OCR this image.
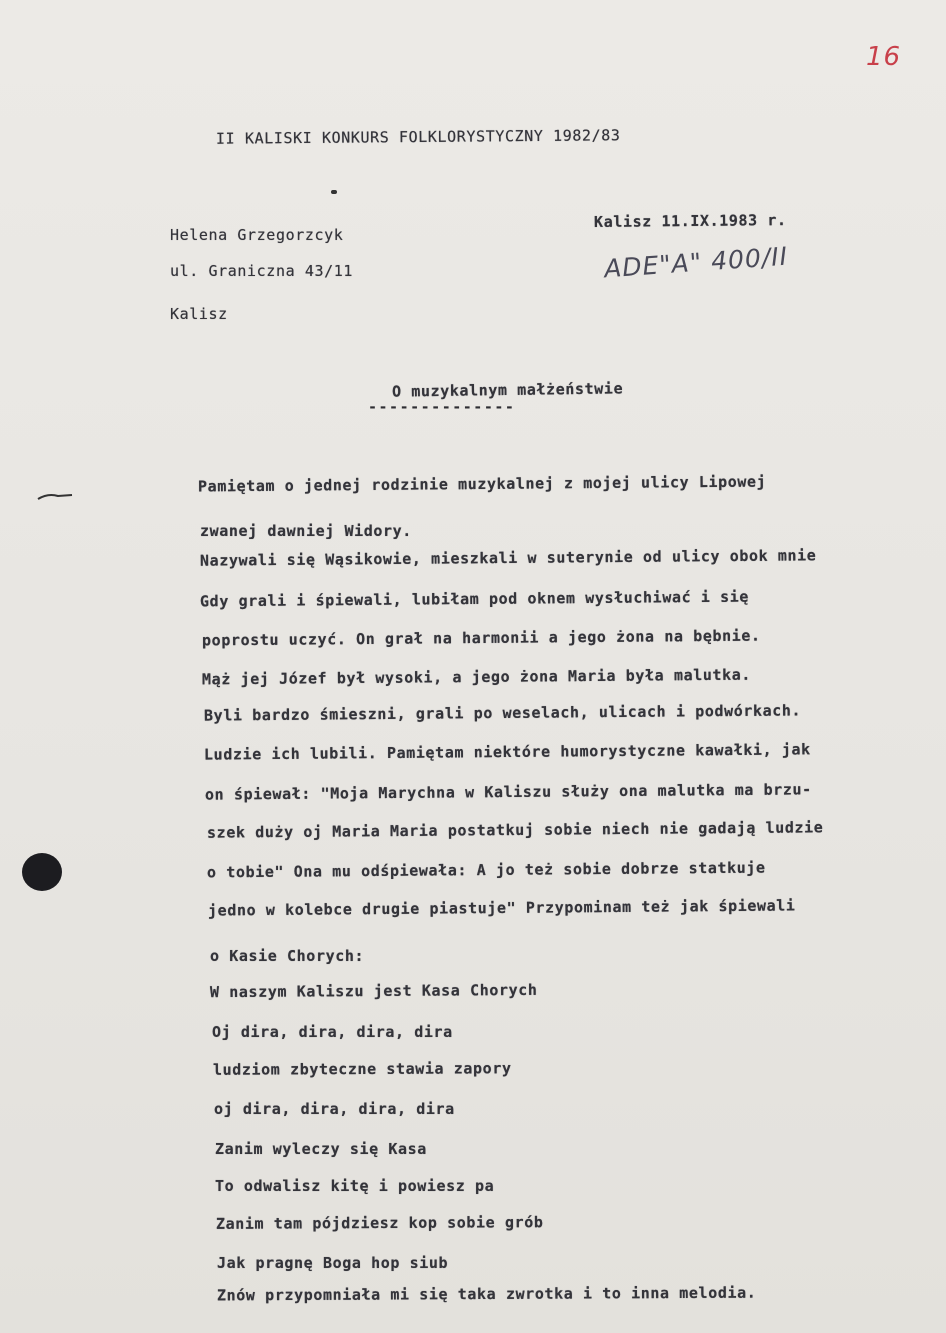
16
II KALISKI KONKURS FOLKLORYSTYCZNY 1982/83
Helena Grzegorzcyk
ul. Graniczna 43/11
Kalisz
Kalisz 11.IX.1983 r.
ADE"A" 400/II
O muzykalnym małżeństwie
--------------
Pamiętam o jednej rodzinie muzykalnej z mojej ulicy Lipowej
zwanej dawniej Widory.
Nazywali się Wąsikowie, mieszkali w suterynie od ulicy obok mnie
Gdy grali i śpiewali, lubiłam pod oknem wysłuchiwać i się
poprostu uczyć. On grał na harmonii a jego żona na bębnie.
Mąż jej Józef był wysoki, a jego żona Maria była malutka.
Byli bardzo śmieszni, grali po weselach, ulicach i podwórkach.
Ludzie ich lubili. Pamiętam niektóre humorystyczne kawałki, jak
on śpiewał: "Moja Marychna w Kaliszu służy ona malutka ma brzu-
szek duży oj Maria Maria postatkuj sobie niech nie gadają ludzie
o tobie" Ona mu odśpiewała: A jo też sobie dobrze statkuje
jedno w kolebce drugie piastuje" Przypominam też jak śpiewali
o Kasie Chorych:
W naszym Kaliszu jest Kasa Chorych
Oj dira, dira, dira, dira
ludziom zbyteczne stawia zapory
oj dira, dira, dira, dira
Zanim wyleczy się Kasa
To odwalisz kitę i powiesz pa
Zanim tam pójdziesz kop sobie grób
Jak pragnę Boga hop siub
Znów przypomniała mi się taka zwrotka i to inna melodia.
